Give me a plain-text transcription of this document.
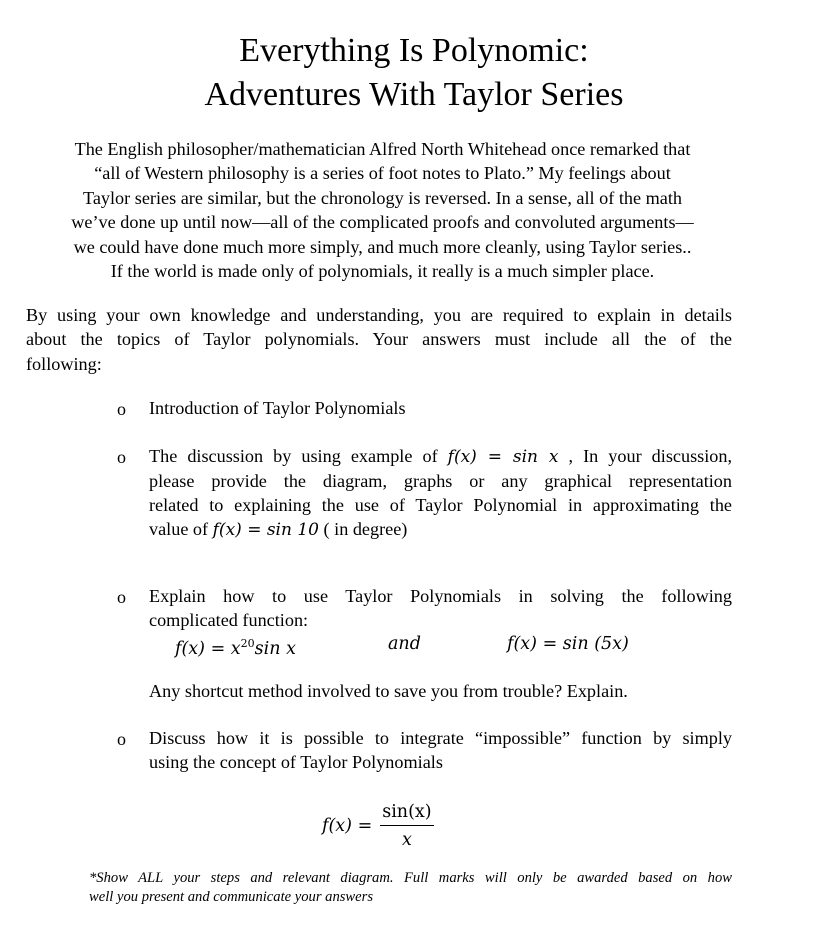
Everything Is Polynomic:
Adventures With Taylor Series
The English philosopher/mathematician Alfred North Whitehead once remarked that
“all of Western philosophy is a series of foot notes to Plato.” My feelings about
Taylor series are similar, but the chronology is reversed. In a sense, all of the math
we’ve done up until now—all of the complicated proofs and convoluted arguments—
we could have done much more simply, and much more cleanly, using Taylor series..
If the world is made only of polynomials, it really is a much simpler place.
By using your own knowledge and understanding, you are required to explain in details
about the topics of Taylor polynomials. Your answers must include all the of the
following:
o Introduction of Taylor Polynomials
o The discussion by using example of f(x) = sin x , In your discussion,
please provide the diagram, graphs or any graphical representation
related to explaining the use of Taylor Polynomial in approximating the
value of f(x) = sin 10 ( in degree)
o Explain how to use Taylor Polynomials in solving the following
complicated function:
$f(x) = x^{20}\sin$ x	and	f(x) = sin (5x)
Any shortcut method involved to save you from trouble? Explain.
o Discuss how it is possible to integrate “impossible” function by simply
using the concept of Taylor Polynomials
$f(x) = \frac{\sin(x)}{x}$
*Show ALL your steps and relevant diagram. Full marks will only be awarded based on how
well you present and communicate your answers
